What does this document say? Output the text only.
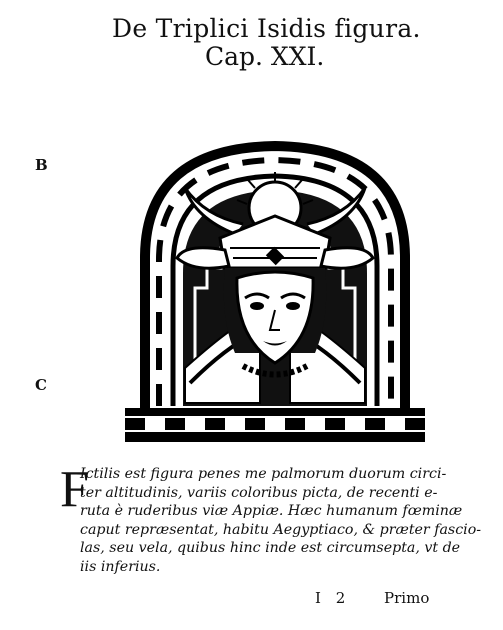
De Triplici Isidis figura.
Cap. XXI.
B
C
F
Ictilis est figura penes me palmorum duorum circi-
ter altitudinis, variis coloribus picta, de recenti e-
ruta è ruderibus viæ Appiæ. Hæc humanum fœminæ
caput repræsentat, habitu Aegyptiaco, & præter fascio-
las, seu vela, quibus hinc inde est circumsepta, vt de
iis inferius.
I 2	Primo
